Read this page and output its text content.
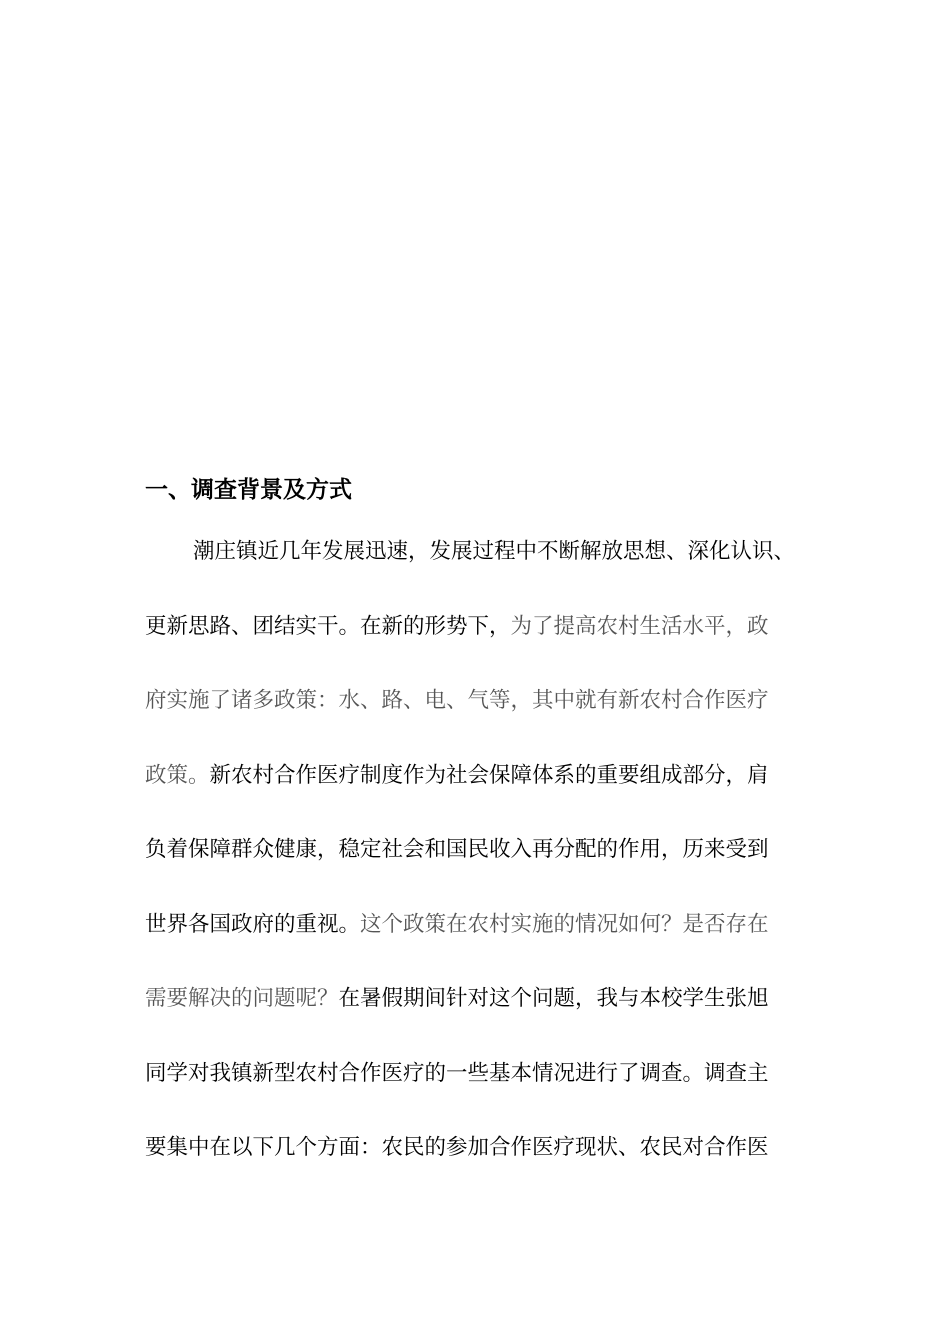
一、调查背景及方式
潮庄镇近几年发展迅速，发展过程中不断解放思想、深化认识、
更新思路、团结实干。在新的形势下，为了提高农村生活水平，政
府实施了诸多政策：水、路、电、气等，其中就有新农村合作医疗
政策。新农村合作医疗制度作为社会保障体系的重要组成部分，肩
负着保障群众健康，稳定社会和国民收入再分配的作用，历来受到
世界各国政府的重视。这个政策在农村实施的情况如何？是否存在
需要解决的问题呢？在暑假期间针对这个问题，我与本校学生张旭
同学对我镇新型农村合作医疗的一些基本情况进行了调查。调查主
要集中在以下几个方面：农民的参加合作医疗现状、农民对合作医
